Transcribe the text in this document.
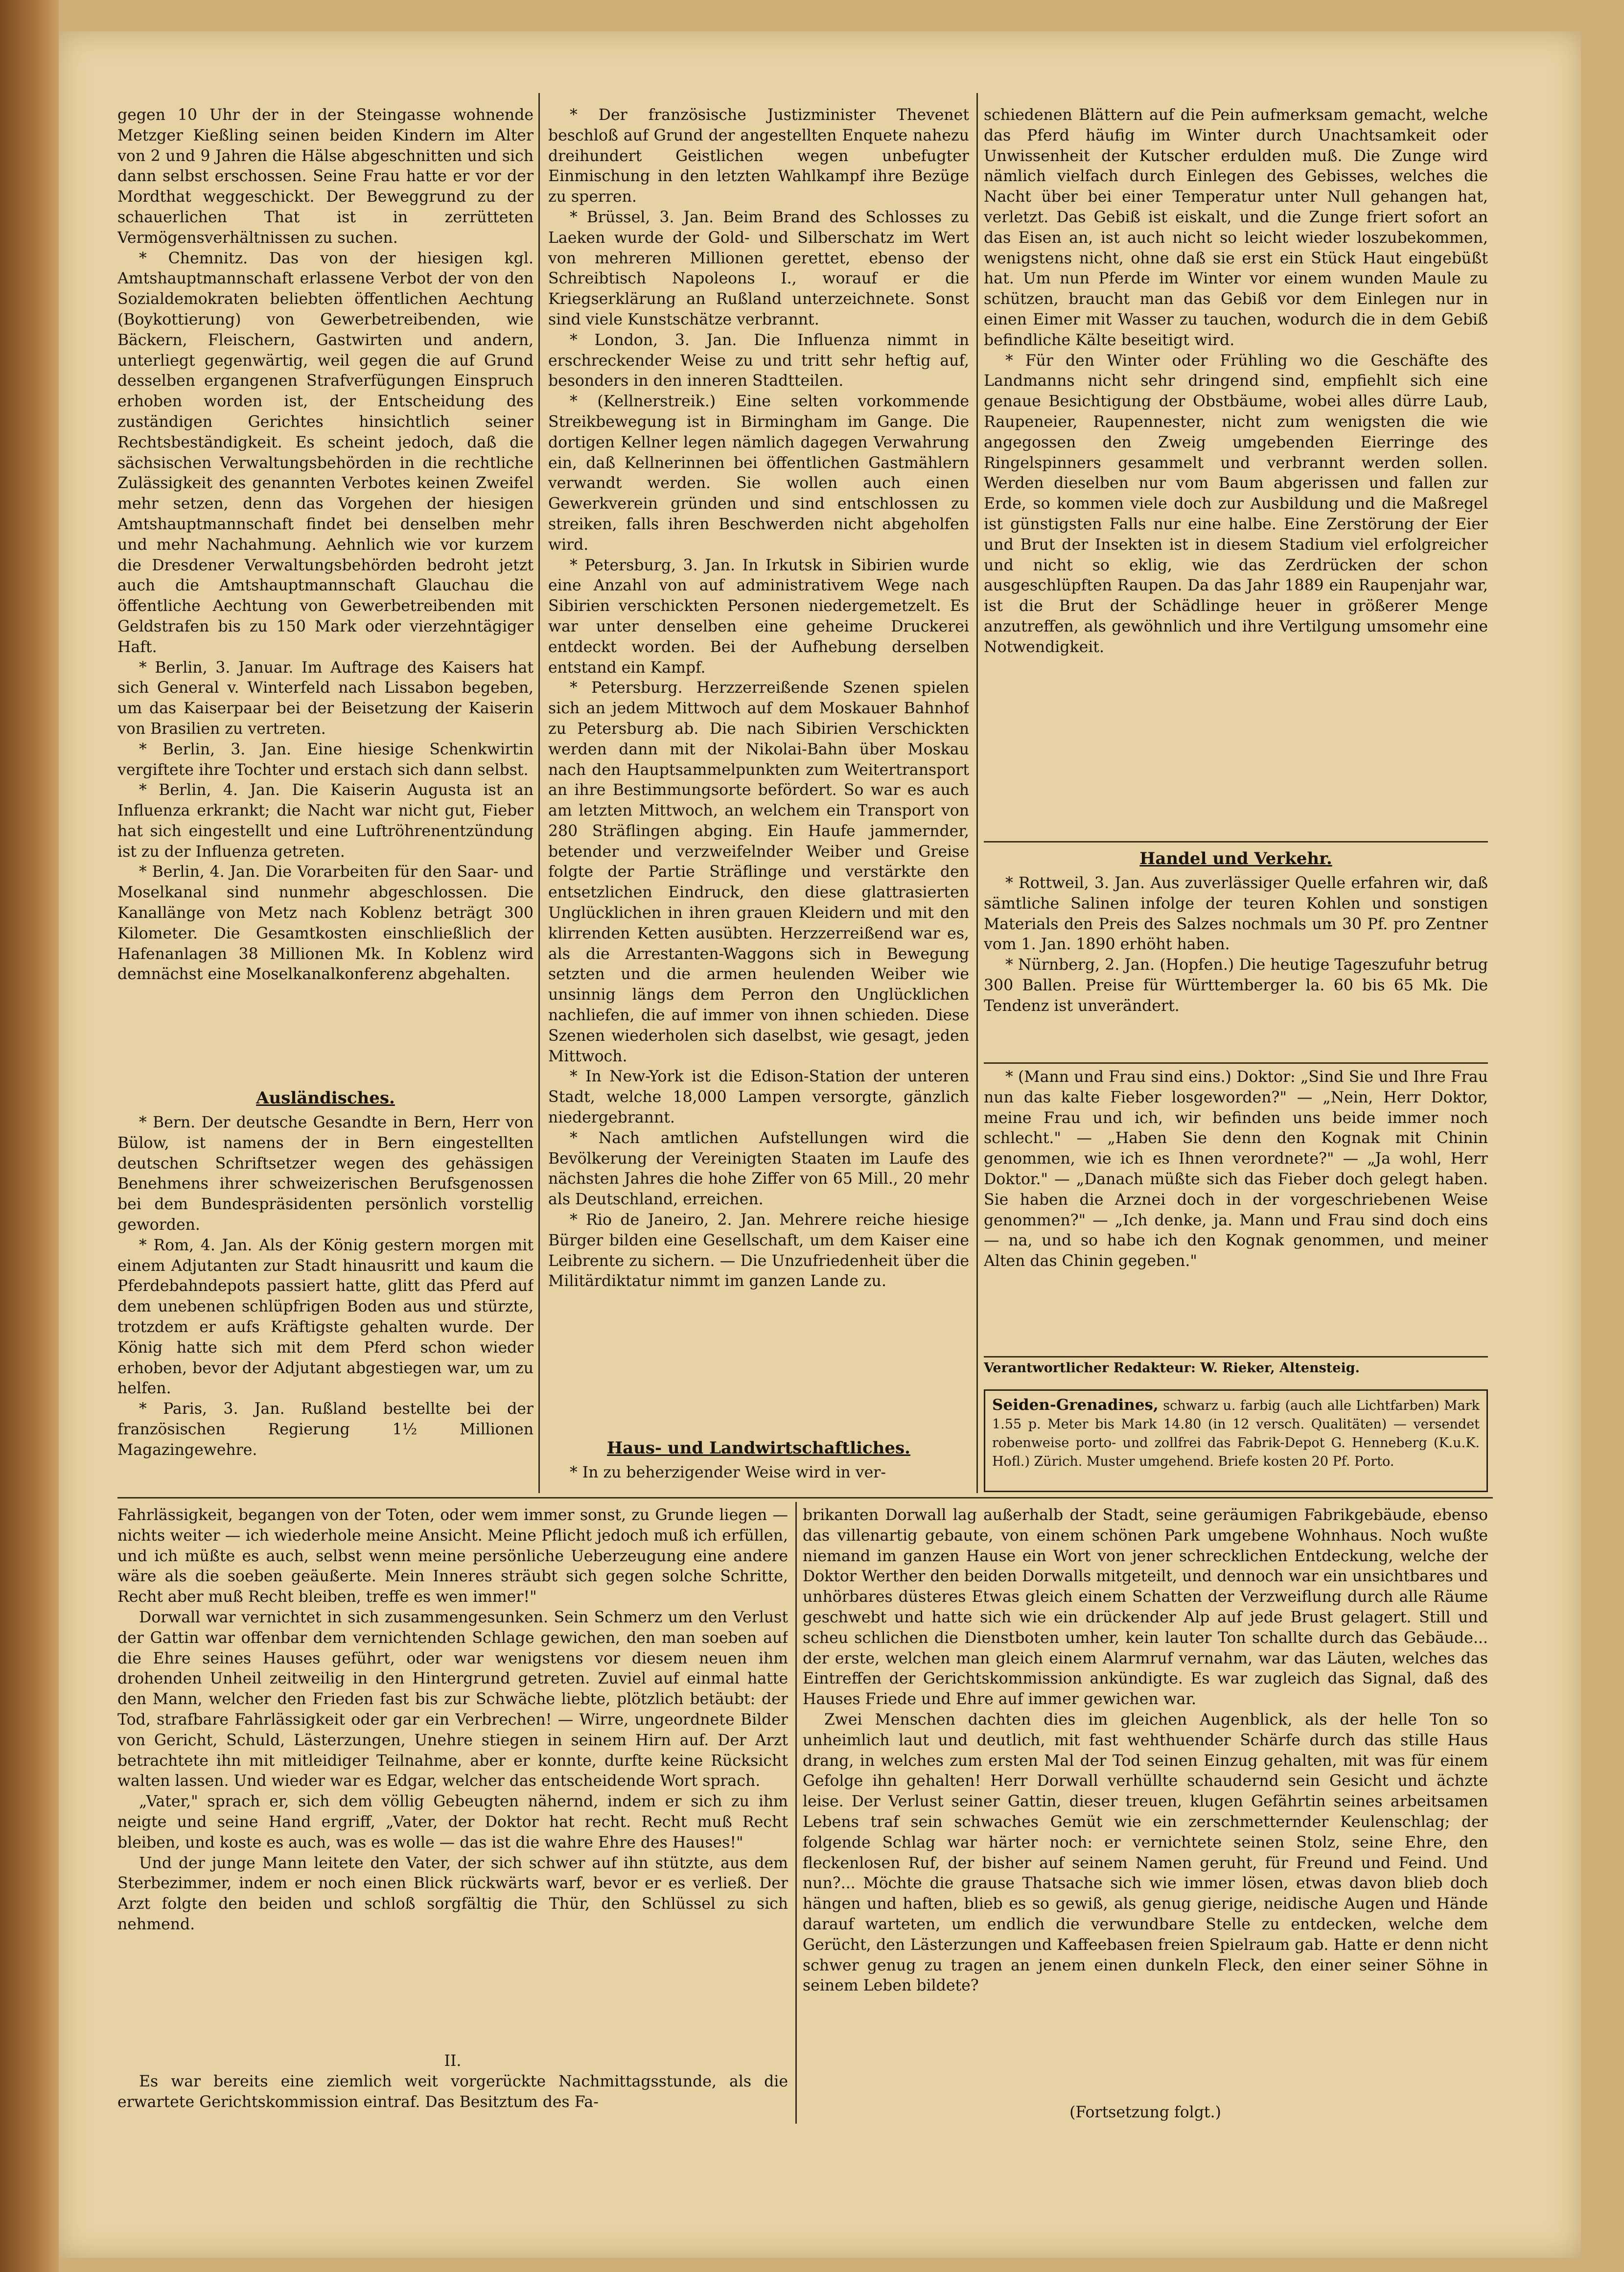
gegen 10 Uhr der in der Steingasse wohnende Metzger Kießling seinen beiden Kindern im Alter von 2 und 9 Jahren die Hälse abgeschnitten und sich dann selbst erschossen. Seine Frau hatte er vor der Mordthat weggeschickt. Der Beweggrund zu der schauerlichen That ist in zerrütteten Vermögensverhältnissen zu suchen.

* Chemnitz. Das von der hiesigen kgl. Amtshauptmannschaft erlassene Verbot der von den Sozialdemokraten beliebten öffentlichen Aechtung (Boykottierung) von Gewerbetreibenden, wie Bäckern, Fleischern, Gastwirten und andern, unterliegt gegenwärtig, weil gegen die auf Grund desselben ergangenen Strafverfügungen Einspruch erhoben worden ist, der Entscheidung des zuständigen Gerichtes hinsichtlich seiner Rechtsbeständigkeit. Es scheint jedoch, daß die sächsischen Verwaltungsbehörden in die rechtliche Zulässigkeit des genannten Verbotes keinen Zweifel mehr setzen, denn das Vorgehen der hiesigen Amtshauptmannschaft findet bei denselben mehr und mehr Nachahmung. Aehnlich wie vor kurzem die Dresdener Verwaltungsbehörden bedroht jetzt auch die Amtshauptmannschaft Glauchau die öffentliche Aechtung von Gewerbetreibenden mit Geldstrafen bis zu 150 Mark oder vierzehntägiger Haft.

* Berlin, 3. Januar. Im Auftrage des Kaisers hat sich General v. Winterfeld nach Lissabon begeben, um das Kaiserpaar bei der Beisetzung der Kaiserin von Brasilien zu vertreten.

* Berlin, 3. Jan. Eine hiesige Schenkwirtin vergiftete ihre Tochter und erstach sich dann selbst.

* Berlin, 4. Jan. Die Kaiserin Augusta ist an Influenza erkrankt; die Nacht war nicht gut, Fieber hat sich eingestellt und eine Luftröhrenentzündung ist zu der Influenza getreten.

* Berlin, 4. Jan. Die Vorarbeiten für den Saar- und Moselkanal sind nunmehr abgeschlossen. Die Kanallänge von Metz nach Koblenz beträgt 300 Kilometer. Die Gesamtkosten einschließlich der Hafenanlagen 38 Millionen Mk. In Koblenz wird demnächst eine Moselkanalkonferenz abgehalten.

Ausländisches.

* Bern. Der deutsche Gesandte in Bern, Herr von Bülow, ist namens der in Bern eingestellten deutschen Schriftsetzer wegen des gehässigen Benehmens ihrer schweizerischen Berufsgenossen bei dem Bundespräsidenten persönlich vorstellig geworden.

* Rom, 4. Jan. Als der König gestern morgen mit einem Adjutanten zur Stadt hinausritt und kaum die Pferdebahndepots passiert hatte, glitt das Pferd auf dem unebenen schlüpfrigen Boden aus und stürzte, trotzdem er aufs Kräftigste gehalten wurde. Der König hatte sich mit dem Pferd schon wieder erhoben, bevor der Adjutant abgestiegen war, um zu helfen.

* Paris, 3. Jan. Rußland bestellte bei der französischen Regierung 1½ Millionen Magazingewehre.

* Der französische Justizminister Thevenet beschloß auf Grund der angestellten Enquete nahezu dreihundert Geistlichen wegen unbefugter Einmischung in den letzten Wahlkampf ihre Bezüge zu sperren.

* Brüssel, 3. Jan. Beim Brand des Schlosses zu Laeken wurde der Gold- und Silberschatz im Wert von mehreren Millionen gerettet, ebenso der Schreibtisch Napoleons I., worauf er die Kriegserklärung an Rußland unterzeichnete. Sonst sind viele Kunstschätze verbrannt.

* London, 3. Jan. Die Influenza nimmt in erschreckender Weise zu und tritt sehr heftig auf, besonders in den inneren Stadtteilen.

* (Kellnerstreik.) Eine selten vorkommende Streikbewegung ist in Birmingham im Gange. Die dortigen Kellner legen nämlich dagegen Verwahrung ein, daß Kellnerinnen bei öffentlichen Gastmählern verwandt werden. Sie wollen auch einen Gewerkverein gründen und sind entschlossen zu streiken, falls ihren Beschwerden nicht abgeholfen wird.

* Petersburg, 3. Jan. In Irkutsk in Sibirien wurde eine Anzahl von auf administrativem Wege nach Sibirien verschickten Personen niedergemetzelt. Es war unter denselben eine geheime Druckerei entdeckt worden. Bei der Aufhebung derselben entstand ein Kampf.

* Petersburg. Herzzerreißende Szenen spielen sich an jedem Mittwoch auf dem Moskauer Bahnhof zu Petersburg ab. Die nach Sibirien Verschickten werden dann mit der Nikolai-Bahn über Moskau nach den Hauptsammelpunkten zum Weitertransport an ihre Bestimmungsorte befördert. So war es auch am letzten Mittwoch, an welchem ein Transport von 280 Sträflingen abging. Ein Haufe jammernder, betender und verzweifelnder Weiber und Greise folgte der Partie Sträflinge und verstärkte den entsetzlichen Eindruck, den diese glattrasierten Unglücklichen in ihren grauen Kleidern und mit den klirrenden Ketten ausübten. Herzzerreißend war es, als die Arrestanten-Waggons sich in Bewegung setzten und die armen heulenden Weiber wie unsinnig längs dem Perron den Unglücklichen nachliefen, die auf immer von ihnen schieden. Diese Szenen wiederholen sich daselbst, wie gesagt, jeden Mittwoch.

* In New-York ist die Edison-Station der unteren Stadt, welche 18,000 Lampen versorgte, gänzlich niedergebrannt.

* Nach amtlichen Aufstellungen wird die Bevölkerung der Vereinigten Staaten im Laufe des nächsten Jahres die hohe Ziffer von 65 Mill., 20 mehr als Deutschland, erreichen.

* Rio de Janeiro, 2. Jan. Mehrere reiche hiesige Bürger bilden eine Gesellschaft, um dem Kaiser eine Leibrente zu sichern. — Die Unzufriedenheit über die Militärdiktatur nimmt im ganzen Lande zu.

Haus- und Landwirtschaftliches.

* In zu beherzigender Weise wird in ver-

schiedenen Blättern auf die Pein aufmerksam gemacht, welche das Pferd häufig im Winter durch Unachtsamkeit oder Unwissenheit der Kutscher erdulden muß. Die Zunge wird nämlich vielfach durch Einlegen des Gebisses, welches die Nacht über bei einer Temperatur unter Null gehangen hat, verletzt. Das Gebiß ist eiskalt, und die Zunge friert sofort an das Eisen an, ist auch nicht so leicht wieder loszubekommen, wenigstens nicht, ohne daß sie erst ein Stück Haut eingebüßt hat. Um nun Pferde im Winter vor einem wunden Maule zu schützen, braucht man das Gebiß vor dem Einlegen nur in einen Eimer mit Wasser zu tauchen, wodurch die in dem Gebiß befindliche Kälte beseitigt wird.

* Für den Winter oder Frühling wo die Geschäfte des Landmanns nicht sehr dringend sind, empfiehlt sich eine genaue Besichtigung der Obstbäume, wobei alles dürre Laub, Raupeneier, Raupennester, nicht zum wenigsten die wie angegossen den Zweig umgebenden Eierringe des Ringelspinners gesammelt und verbrannt werden sollen. Werden dieselben nur vom Baum abgerissen und fallen zur Erde, so kommen viele doch zur Ausbildung und die Maßregel ist günstigsten Falls nur eine halbe. Eine Zerstörung der Eier und Brut der Insekten ist in diesem Stadium viel erfolgreicher und nicht so eklig, wie das Zerdrücken der schon ausgeschlüpften Raupen. Da das Jahr 1889 ein Raupenjahr war, ist die Brut der Schädlinge heuer in größerer Menge anzutreffen, als gewöhnlich und ihre Vertilgung umsomehr eine Notwendigkeit.

Handel und Verkehr.

* Rottweil, 3. Jan. Aus zuverlässiger Quelle erfahren wir, daß sämtliche Salinen infolge der teuren Kohlen und sonstigen Materials den Preis des Salzes nochmals um 30 Pf. pro Zentner vom 1. Jan. 1890 erhöht haben.

* Nürnberg, 2. Jan. (Hopfen.) Die heutige Tageszufuhr betrug 300 Ballen. Preise für Württemberger la. 60 bis 65 Mk. Die Tendenz ist unverändert.

* (Mann und Frau sind eins.) Doktor: „Sind Sie und Ihre Frau nun das kalte Fieber losgeworden?" — „Nein, Herr Doktor, meine Frau und ich, wir befinden uns beide immer noch schlecht." — „Haben Sie denn den Kognak mit Chinin genommen, wie ich es Ihnen verordnete?" — „Ja wohl, Herr Doktor." — „Danach müßte sich das Fieber doch gelegt haben. Sie haben die Arznei doch in der vorgeschriebenen Weise genommen?" — „Ich denke, ja. Mann und Frau sind doch eins — na, und so habe ich den Kognak genommen, und meiner Alten das Chinin gegeben."

Verantwortlicher Redakteur: W. Rieker, Altensteig.
Seiden-Grenadines, schwarz u. farbig (auch alle Lichtfarben) Mark 1.55 p. Meter bis Mark 14.80 (in 12 versch. Qualitäten) — versendet robenweise porto- und zollfrei das Fabrik-Depot G. Henneberg (K.u.K. Hofl.) Zürich. Muster umgehend. Briefe kosten 20 Pf. Porto.

Fahrlässigkeit, begangen von der Toten, oder wem immer sonst, zu Grunde liegen — nichts weiter — ich wiederhole meine Ansicht. Meine Pflicht jedoch muß ich erfüllen, und ich müßte es auch, selbst wenn meine persönliche Ueberzeugung eine andere wäre als die soeben geäußerte. Mein Inneres sträubt sich gegen solche Schritte, Recht aber muß Recht bleiben, treffe es wen immer!"

Dorwall war vernichtet in sich zusammengesunken. Sein Schmerz um den Verlust der Gattin war offenbar dem vernichtenden Schlage gewichen, den man soeben auf die Ehre seines Hauses geführt, oder war wenigstens vor diesem neuen ihm drohenden Unheil zeitweilig in den Hintergrund getreten. Zuviel auf einmal hatte den Mann, welcher den Frieden fast bis zur Schwäche liebte, plötzlich betäubt: der Tod, strafbare Fahrlässigkeit oder gar ein Verbrechen! — Wirre, ungeordnete Bilder von Gericht, Schuld, Lästerzungen, Unehre stiegen in seinem Hirn auf. Der Arzt betrachtete ihn mit mitleidiger Teilnahme, aber er konnte, durfte keine Rücksicht walten lassen. Und wieder war es Edgar, welcher das entscheidende Wort sprach.

„Vater," sprach er, sich dem völlig Gebeugten nähernd, indem er sich zu ihm neigte und seine Hand ergriff, „Vater, der Doktor hat recht. Recht muß Recht bleiben, und koste es auch, was es wolle — das ist die wahre Ehre des Hauses!"

Und der junge Mann leitete den Vater, der sich schwer auf ihn stützte, aus dem Sterbezimmer, indem er noch einen Blick rückwärts warf, bevor er es verließ. Der Arzt folgte den beiden und schloß sorgfältig die Thür, den Schlüssel zu sich nehmend.

II.

Es war bereits eine ziemlich weit vorgerückte Nachmittagsstunde, als die erwartete Gerichtskommission eintraf. Das Besitztum des Fa-

brikanten Dorwall lag außerhalb der Stadt, seine geräumigen Fabrikgebäude, ebenso das villenartig gebaute, von einem schönen Park umgebene Wohnhaus. Noch wußte niemand im ganzen Hause ein Wort von jener schrecklichen Entdeckung, welche der Doktor Werther den beiden Dorwalls mitgeteilt, und dennoch war ein unsichtbares und unhörbares düsteres Etwas gleich einem Schatten der Verzweiflung durch alle Räume geschwebt und hatte sich wie ein drückender Alp auf jede Brust gelagert. Still und scheu schlichen die Dienstboten umher, kein lauter Ton schallte durch das Gebäude... der erste, welchen man gleich einem Alarmruf vernahm, war das Läuten, welches das Eintreffen der Gerichtskommission ankündigte. Es war zugleich das Signal, daß des Hauses Friede und Ehre auf immer gewichen war.

Zwei Menschen dachten dies im gleichen Augenblick, als der helle Ton so unheimlich laut und deutlich, mit fast wehthuender Schärfe durch das stille Haus drang, in welches zum ersten Mal der Tod seinen Einzug gehalten, mit was für einem Gefolge ihn gehalten! Herr Dorwall verhüllte schaudernd sein Gesicht und ächzte leise. Der Verlust seiner Gattin, dieser treuen, klugen Gefährtin seines arbeitsamen Lebens traf sein schwaches Gemüt wie ein zerschmetternder Keulenschlag; der folgende Schlag war härter noch: er vernichtete seinen Stolz, seine Ehre, den fleckenlosen Ruf, der bisher auf seinem Namen geruht, für Freund und Feind. Und nun?... Möchte die grause Thatsache sich wie immer lösen, etwas davon blieb doch hängen und haften, blieb es so gewiß, als genug gierige, neidische Augen und Hände darauf warteten, um endlich die verwundbare Stelle zu entdecken, welche dem Gerücht, den Lästerzungen und Kaffeebasen freien Spielraum gab. Hatte er denn nicht schwer genug zu tragen an jenem einen dunkeln Fleck, den einer seiner Söhne in seinem Leben bildete?

(Fortsetzung folgt.)
